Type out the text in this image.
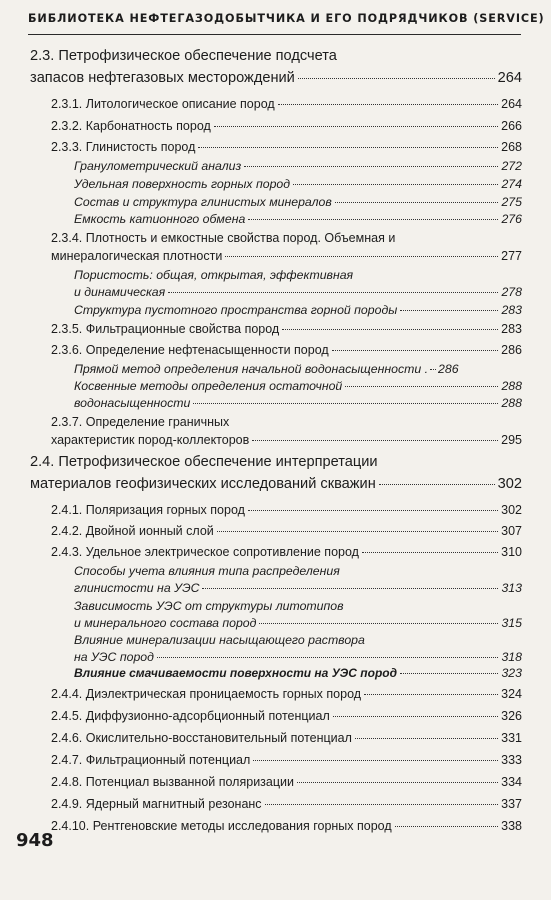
БИБЛИОТЕКА НЕФТЕГАЗОДОБЫТЧИКА И ЕГО ПОДРЯДЧИКОВ (SERVICE)
2.3. Петрофизическое обеспечение подсчета
запасов нефтегазовых месторождений	264
2.3.1. Литологическое описание пород	264
2.3.2. Карбонатность пород	266
2.3.3. Глинистость пород	268
Гранулометрический анализ	272
Удельная поверхность горных пород	274
Состав и структура глинистых минералов	275
Емкость катионного обмена	276
2.3.4. Плотность и емкостные свойства пород. Объемная и
минералогическая плотности	277
Пористость: общая, открытая, эффективная
и динамическая	278
Структура пустотного пространства горной породы	283
2.3.5. Фильтрационные свойства пород	283
2.3.6. Определение нефтенасыщенности пород	286
Прямой метод определения начальной водонасыщенности . 286
Косвенные методы определения остаточной	288
водонасыщенности	288
2.3.7. Определение граничных
характеристик пород-коллекторов	295
2.4. Петрофизическое обеспечение интерпретации
материалов геофизических исследований скважин	302
2.4.1. Поляризация горных пород	302
2.4.2. Двойной ионный слой	307
2.4.3. Удельное электрическое сопротивление пород	310
Способы учета влияния типа распределения
глинистости на УЭС	313
Зависимость УЭС от структуры литотипов
и минерального состава пород	315
Влияние минерализации насыщающего раствора
на УЭС пород	318
Влияние смачиваемости поверхности на УЭС пород	323
2.4.4. Диэлектрическая проницаемость горных пород	324
2.4.5. Диффузионно-адсорбционный потенциал	326
2.4.6. Окислительно-восстановительный потенциал	331
2.4.7. Фильтрационный потенциал	333
2.4.8. Потенциал вызванной поляризации	334
2.4.9. Ядерный магнитный резонанс	337
2.4.10. Рентгеновские методы исследования горных пород	338
948
